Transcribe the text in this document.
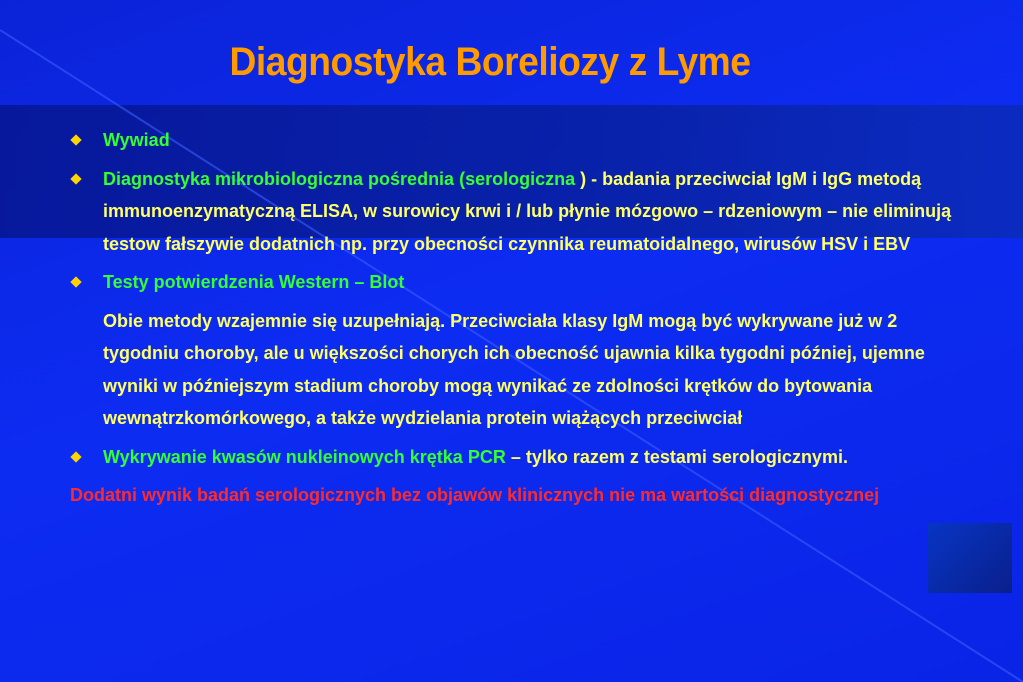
Diagnostyka Boreliozy z Lyme
Wywiad
Diagnostyka mikrobiologiczna pośrednia (serologiczna ) - badania przeciwciał IgM i IgG metodą immunoenzymatyczną ELISA, w surowicy krwi i / lub płynie mózgowo – rdzeniowym – nie eliminują testow fałszywie dodatnich np. przy obecności czynnika reumatoidalnego, wirusów HSV i EBV
Testy potwierdzenia Western – Blot
Obie metody wzajemnie się uzupełniają. Przeciwciała klasy IgM mogą być wykrywane już w 2 tygodniu choroby, ale u większości chorych ich obecność ujawnia kilka tygodni później, ujemne wyniki w późniejszym stadium choroby mogą wynikać ze zdolności krętków do bytowania wewnątrzkomórkowego, a także wydzielania protein wiążących przeciwciał
Wykrywanie kwasów nukleinowych krętka PCR – tylko razem z testami serologicznymi.
Dodatni wynik badań serologicznych bez objawów klinicznych nie ma wartości diagnostycznej
